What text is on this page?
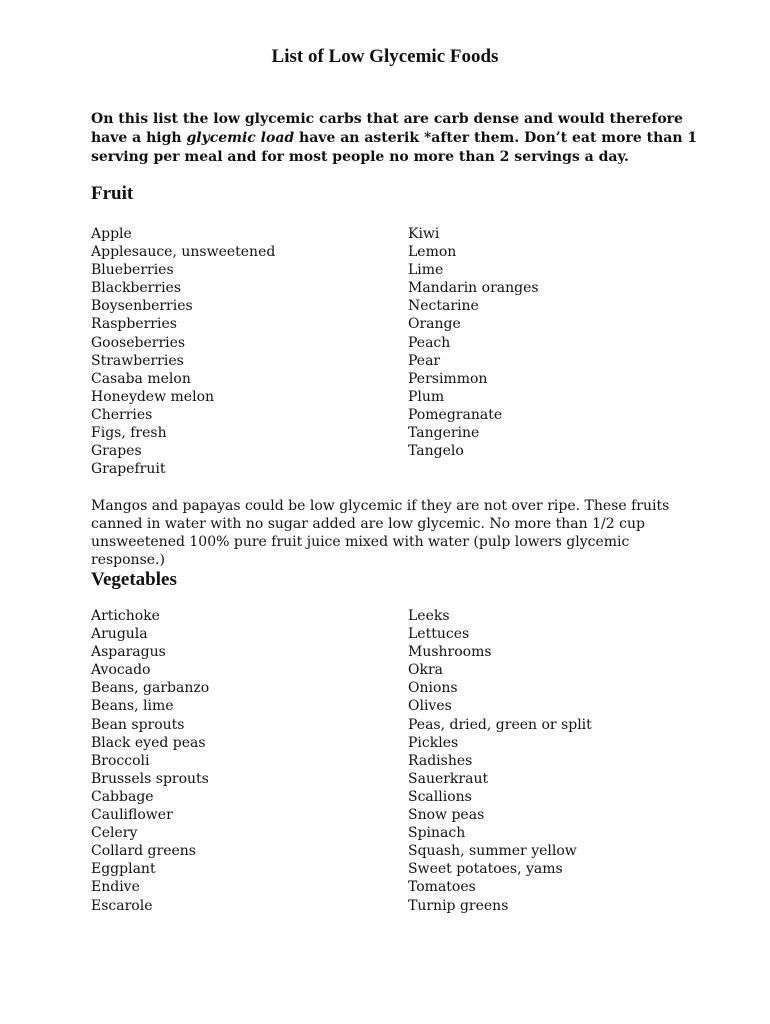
List of Low Glycemic Foods
On this list the low glycemic carbs that are carb dense and would therefore have a high glycemic load have an asterik *after them. Don’t eat more than 1 serving per meal and for most people no more than 2 servings a day.
Fruit
Apple
Applesauce, unsweetened
Blueberries
Blackberries
Boysenberries
Raspberries
Gooseberries
Strawberries
Casaba melon
Honeydew melon
Cherries
Figs, fresh
Grapes
Grapefruit
Kiwi
Lemon
Lime
Mandarin oranges
Nectarine
Orange
Peach
Pear
Persimmon
Plum
Pomegranate
Tangerine
Tangelo
Mangos and papayas could be low glycemic if they are not over ripe. These fruits canned in water with no sugar added are low glycemic. No more than 1/2 cup unsweetened 100% pure fruit juice mixed with water (pulp lowers glycemic response.)
Vegetables
Artichoke
Arugula
Asparagus
Avocado
Beans, garbanzo
Beans, lime
Bean sprouts
Black eyed peas
Broccoli
Brussels sprouts
Cabbage
Cauliflower
Celery
Collard greens
Eggplant
Endive
Escarole
Leeks
Lettuces
Mushrooms
Okra
Onions
Olives
Peas, dried, green or split
Pickles
Radishes
Sauerkraut
Scallions
Snow peas
Spinach
Squash, summer yellow
Sweet potatoes, yams
Tomatoes
Turnip greens
